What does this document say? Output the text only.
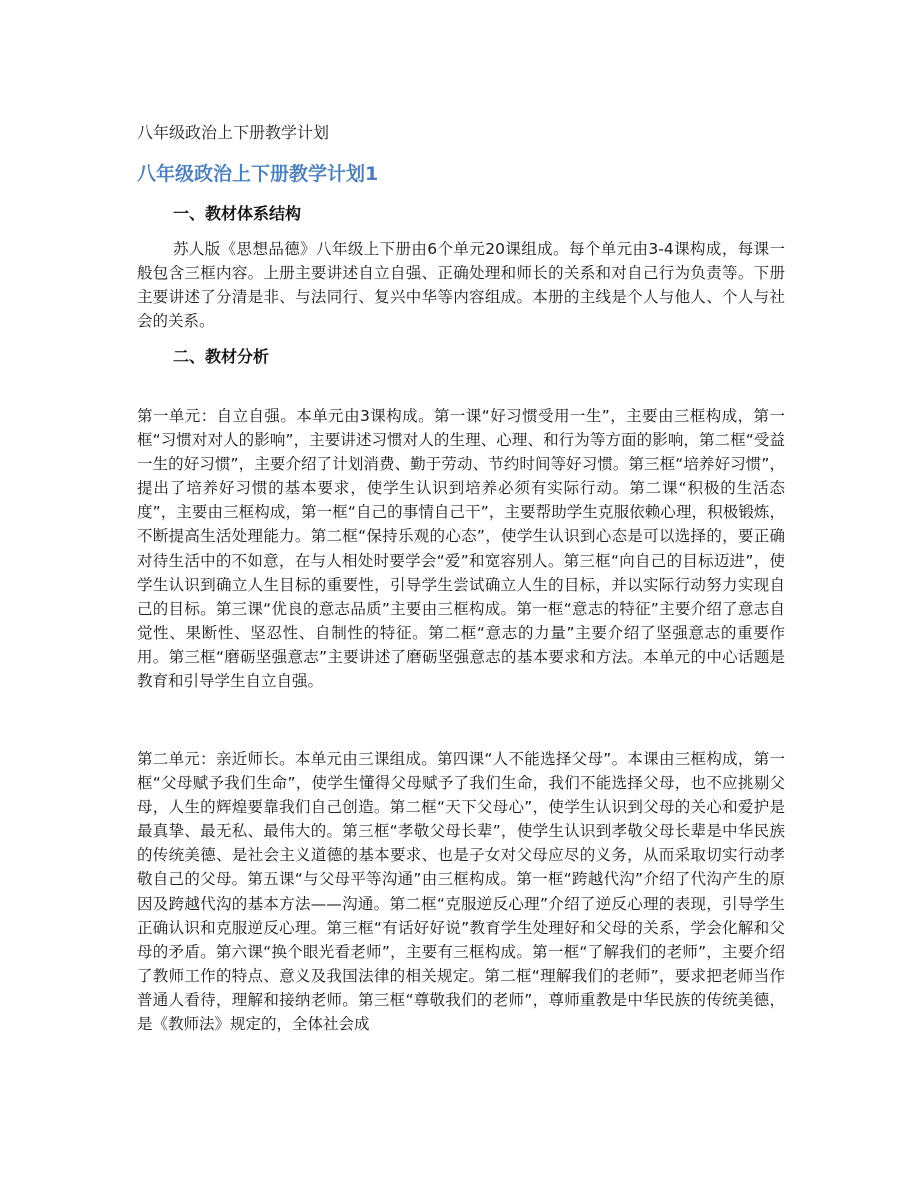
八年级政治上下册教学计划
八年级政治上下册教学计划1
一、教材体系结构
苏人版《思想品德》八年级上下册由6个单元20课组成。每个单元由3-4课构成，每课一般包含三框内容。上册主要讲述自立自强、正确处理和师长的关系和对自己行为负责等。下册主要讲述了分清是非、与法同行、复兴中华等内容组成。本册的主线是个人与他人、个人与社会的关系。
二、教材分析
第一单元：自立自强。本单元由3课构成。第一课“好习惯受用一生”，主要由三框构成，第一框“习惯对对人的影响”，主要讲述习惯对人的生理、心理、和行为等方面的影响，第二框“受益一生的好习惯”，主要介绍了计划消费、勤于劳动、节约时间等好习惯。第三框“培养好习惯”，提出了培养好习惯的基本要求，使学生认识到培养必须有实际行动。第二课“积极的生活态度”，主要由三框构成，第一框“自己的事情自己干”，主要帮助学生克服依赖心理，积极锻炼，不断提高生活处理能力。第二框“保持乐观的心态”，使学生认识到心态是可以选择的，要正确对待生活中的不如意，在与人相处时要学会“爱”和宽容别人。第三框“向自己的目标迈进”，使学生认识到确立人生目标的重要性，引导学生尝试确立人生的目标，并以实际行动努力实现自己的目标。第三课“优良的意志品质”主要由三框构成。第一框“意志的特征”主要介绍了意志自觉性、果断性、坚忍性、自制性的特征。第二框“意志的力量”主要介绍了坚强意志的重要作用。第三框“磨砺坚强意志”主要讲述了磨砺坚强意志的基本要求和方法。本单元的中心话题是教育和引导学生自立自强。
第二单元：亲近师长。本单元由三课组成。第四课“人不能选择父母”。本课由三框构成，第一框“父母赋予我们生命”，使学生懂得父母赋予了我们生命，我们不能选择父母，也不应挑剔父母，人生的辉煌要靠我们自己创造。第二框“天下父母心”，使学生认识到父母的关心和爱护是最真挚、最无私、最伟大的。第三框“孝敬父母长辈”，使学生认识到孝敬父母长辈是中华民族的传统美德、是社会主义道德的基本要求、也是子女对父母应尽的义务，从而采取切实行动孝敬自己的父母。第五课“与父母平等沟通”由三框构成。第一框“跨越代沟”介绍了代沟产生的原因及跨越代沟的基本方法——沟通。第二框“克服逆反心理”介绍了逆反心理的表现，引导学生正确认识和克服逆反心理。第三框“有话好好说”教育学生处理好和父母的关系，学会化解和父母的矛盾。第六课“换个眼光看老师”，主要有三框构成。第一框“了解我们的老师”，主要介绍了教师工作的特点、意义及我国法律的相关规定。第二框“理解我们的老师”，要求把老师当作普通人看待，理解和接纳老师。第三框“尊敬我们的老师”，尊师重教是中华民族的传统美德，是《教师法》规定的，全体社会成
